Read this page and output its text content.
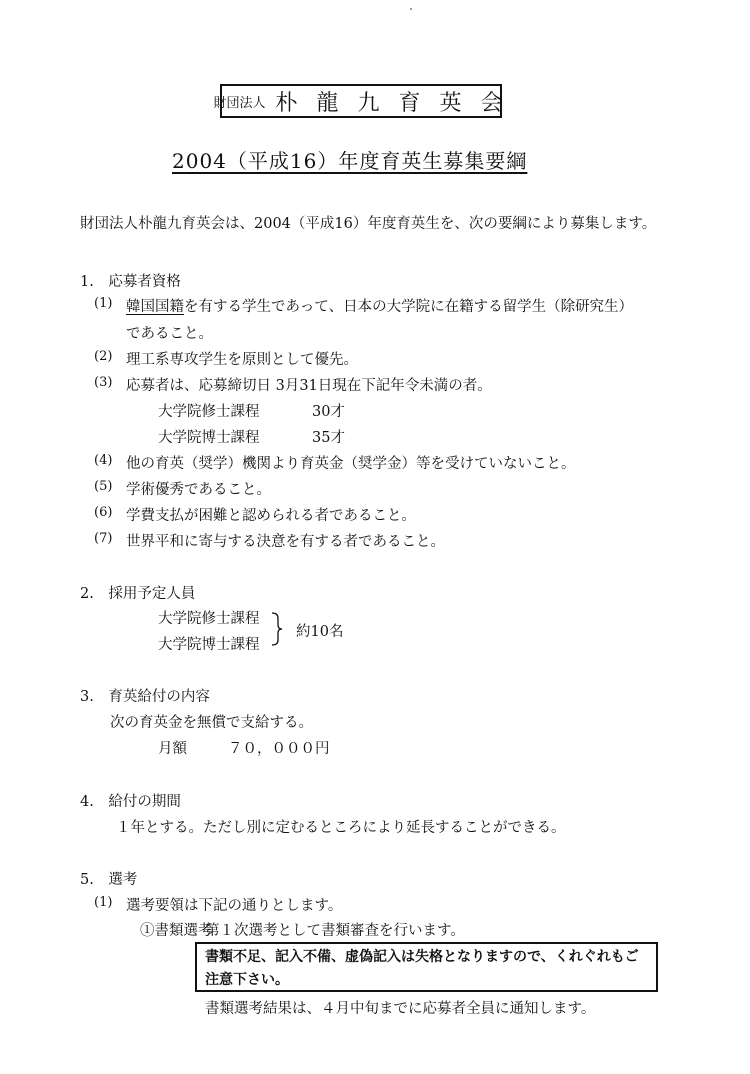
財団法人 朴 龍 九 育 英 会
2004（平成16）年度育英生募集要綱
財団法人朴龍九育英会は、2004（平成16）年度育英生を、次の要綱により募集します。
1.　応募者資格
(1) 韓国国籍を有する学生であって、日本の大学院に在籍する留学生（除研究生）
であること。
(2) 理工系専攻学生を原則として優先。
(3) 応募者は、応募締切日 3月31日現在下記年令未満の者。
大学院修士課程	30才
大学院博士課程	35才
(4) 他の育英（奨学）機関より育英金（奨学金）等を受けていないこと。
(5) 学術優秀であること。
(6) 学費支払が困難と認められる者であること。
(7) 世界平和に寄与する決意を有する者であること。
2.　採用予定人員
大学院修士課程
大学院博士課程
約10名
3.　育英給付の内容
次の育英金を無償で支給する。
月額	７０，０００円
4.　給付の期間
１年とする。ただし別に定むるところにより延長することができる。
5.　選考
(1) 選考要領は下記の通りとします。
①書類選考
第１次選考として書類審査を行います。
書類不足、記入不備、虚偽記入は失格となりますので、くれぐれもご注意下さい。
書類選考結果は、４月中旬までに応募者全員に通知します。
